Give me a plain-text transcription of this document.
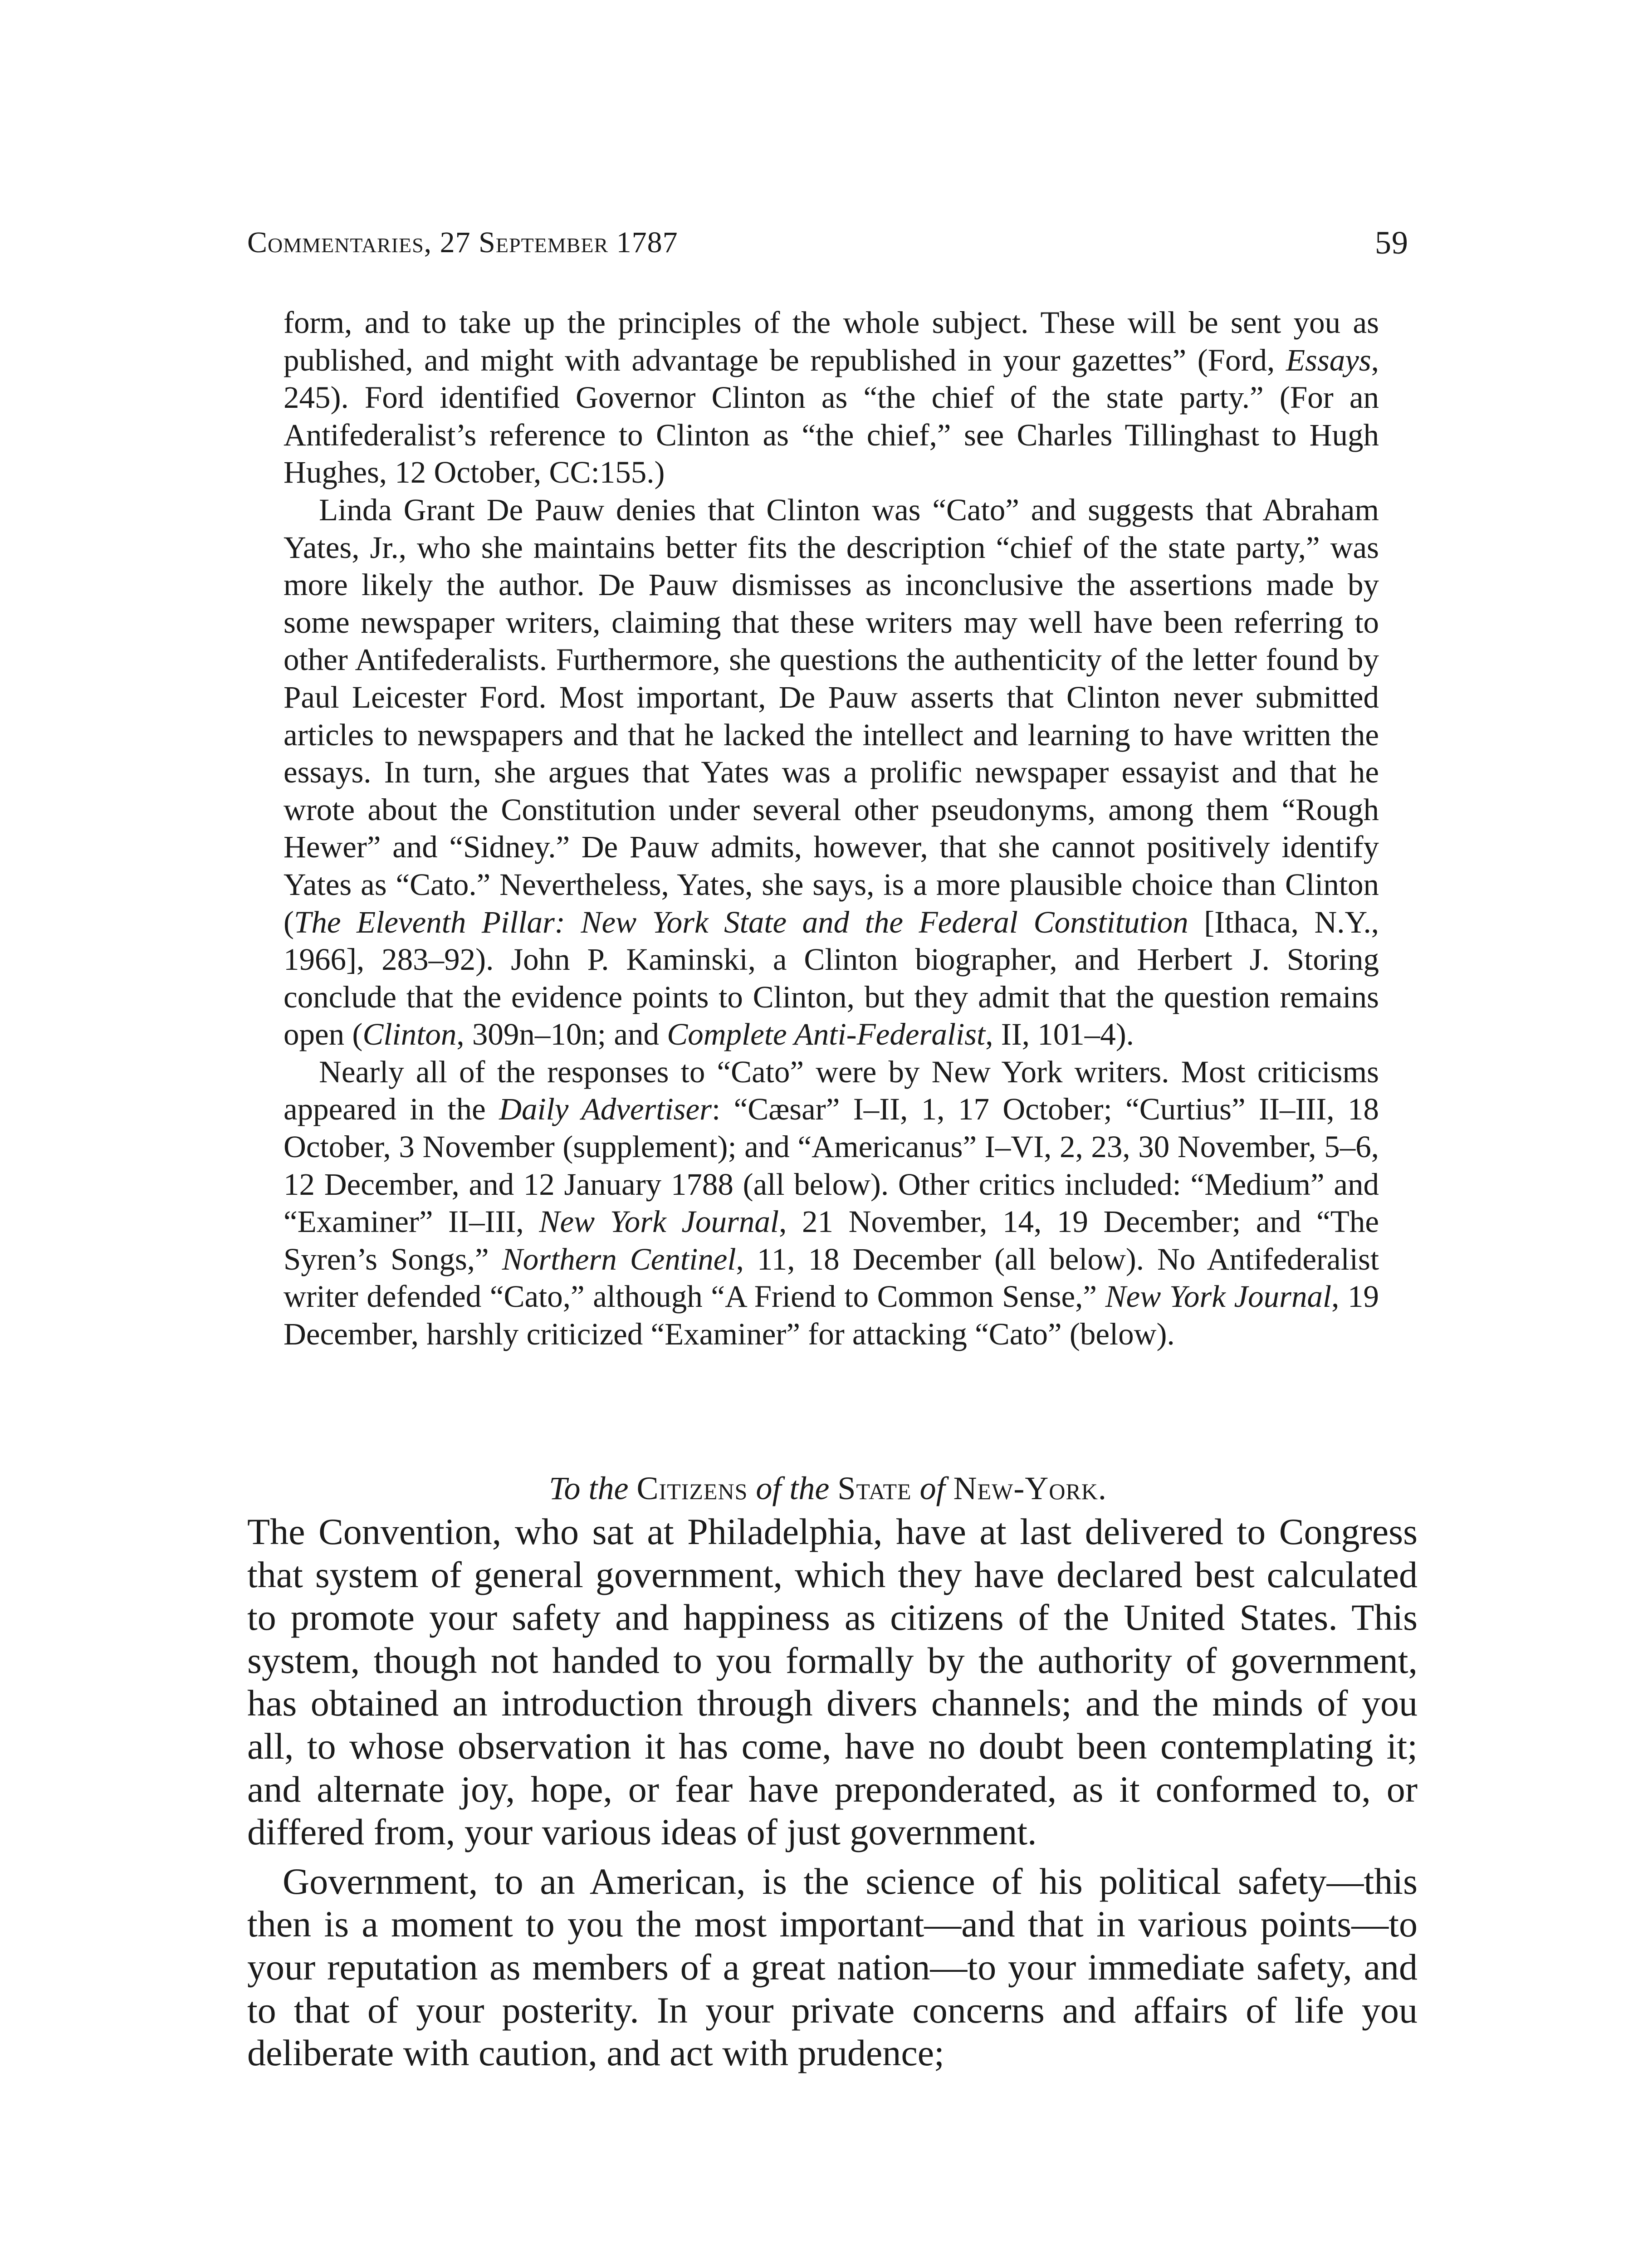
Commentaries, 27 September 1787	59

form, and to take up the principles of the whole subject. These will be sent you as published, and might with advantage be republished in your gazettes” (Ford, Essays, 245). Ford identified Governor Clinton as “the chief of the state party.” (For an Antifederalist’s reference to Clinton as “the chief,” see Charles Tillinghast to Hugh Hughes, 12 October, CC:155.)

Linda Grant De Pauw denies that Clinton was “Cato” and suggests that Abraham Yates, Jr., who she maintains better fits the description “chief of the state party,” was more likely the author. De Pauw dismisses as inconclusive the assertions made by some newspaper writers, claiming that these writers may well have been referring to other Antifederalists. Furthermore, she questions the authenticity of the letter found by Paul Leicester Ford. Most important, De Pauw asserts that Clinton never submitted articles to newspapers and that he lacked the intellect and learning to have written the essays. In turn, she argues that Yates was a prolific newspaper essayist and that he wrote about the Constitution under several other pseudonyms, among them “Rough Hewer” and “Sidney.” De Pauw admits, however, that she cannot positively identify Yates as “Cato.” Nevertheless, Yates, she says, is a more plausible choice than Clinton (The Eleventh Pillar: New York State and the Federal Constitution [Ithaca, N.Y., 1966], 283–92). John P. Kaminski, a Clinton biographer, and Herbert J. Storing conclude that the evidence points to Clinton, but they admit that the question remains open (Clinton, 309n–10n; and Complete Anti-Federalist, II, 101–4).

Nearly all of the responses to “Cato” were by New York writers. Most criticisms appeared in the Daily Advertiser: “Cæsar” I–II, 1, 17 October; “Curtius” II–III, 18 October, 3 November (supplement); and “Americanus” I–VI, 2, 23, 30 November, 5–6, 12 December, and 12 January 1788 (all below). Other critics included: “Medium” and “Examiner” II–III, New York Journal, 21 November, 14, 19 December; and “The Syren’s Songs,” Northern Centinel, 11, 18 December (all below). No Antifederalist writer defended “Cato,” although “A Friend to Common Sense,” New York Journal, 19 December, harshly criticized “Examiner” for attacking “Cato” (below).

To the Citizens of the State of New-York.

The Convention, who sat at Philadelphia, have at last delivered to Congress that system of general government, which they have declared best calculated to promote your safety and happiness as citizens of the United States. This system, though not handed to you formally by the authority of government, has obtained an introduction through divers channels; and the minds of you all, to whose observation it has come, have no doubt been contemplating it; and alternate joy, hope, or fear have preponderated, as it conformed to, or differed from, your various ideas of just government.

Government, to an American, is the science of his political safety—this then is a moment to you the most important—and that in various points—to your reputation as members of a great nation—to your immediate safety, and to that of your posterity. In your private concerns and affairs of life you deliberate with caution, and act with prudence;
